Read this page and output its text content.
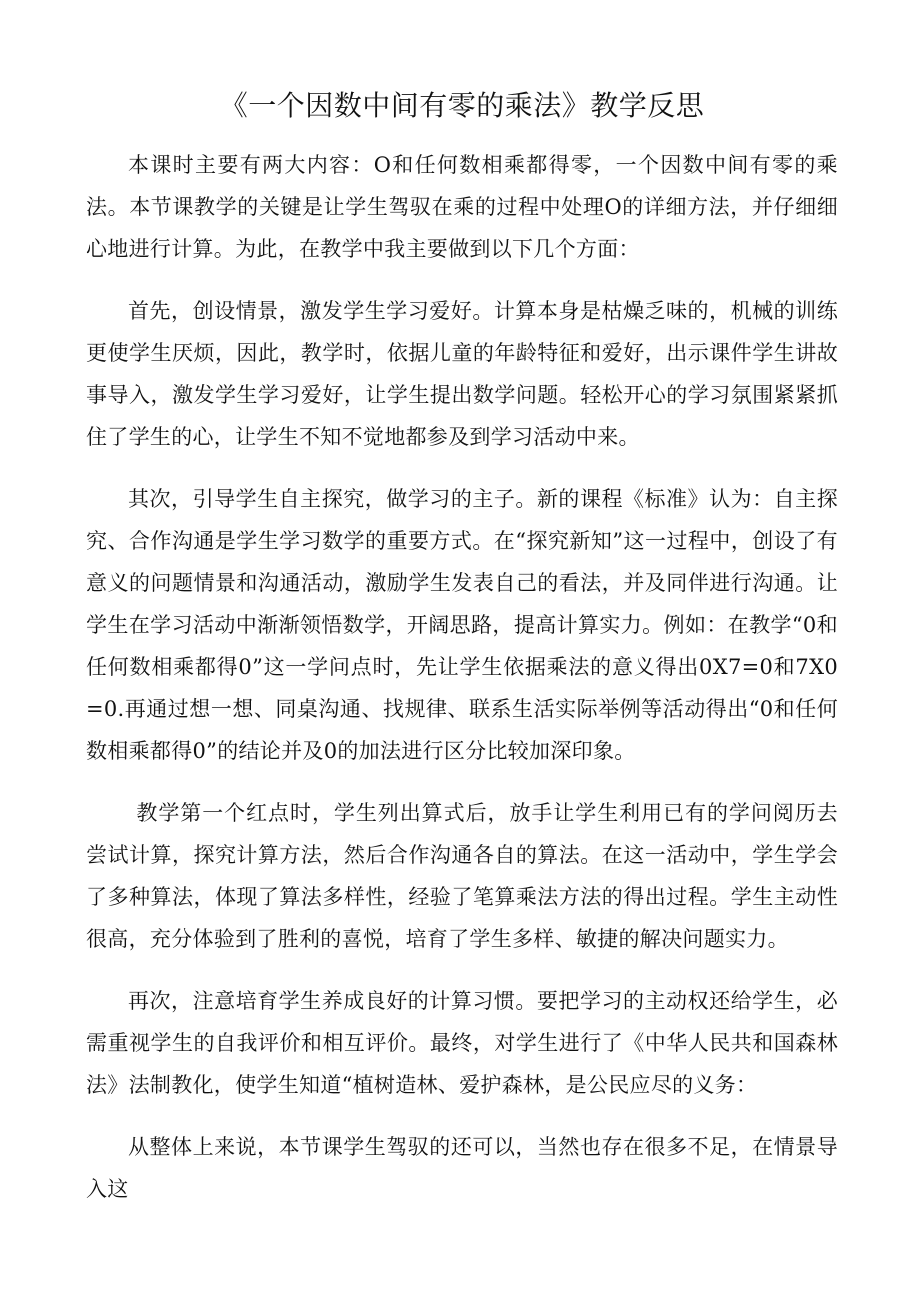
《一个因数中间有零的乘法》教学反思

本课时主要有两大内容：O和任何数相乘都得零，一个因数中间有零的乘法。本节课教学的关键是让学生驾驭在乘的过程中处理O的详细方法，并仔细细心地进行计算。为此，在教学中我主要做到以下几个方面：

首先，创设情景，激发学生学习爱好。计算本身是枯燥乏味的，机械的训练更使学生厌烦，因此，教学时，依据儿童的年龄特征和爱好，出示课件学生讲故事导入，激发学生学习爱好，让学生提出数学问题。轻松开心的学习氛围紧紧抓住了学生的心，让学生不知不觉地都参及到学习活动中来。

其次，引导学生自主探究，做学习的主子。新的课程《标准》认为：自主探究、合作沟通是学生学习数学的重要方式。在“探究新知”这一过程中，创设了有意义的问题情景和沟通活动，激励学生发表自己的看法，并及同伴进行沟通。让学生在学习活动中渐渐领悟数学，开阔思路，提高计算实力。例如：在教学“0和任何数相乘都得0”这一学问点时，先让学生依据乘法的意义得出0X7=0和7X0=0.再通过想一想、同桌沟通、找规律、联系生活实际举例等活动得出“0和任何数相乘都得0”的结论并及0的加法进行区分比较加深印象。

教学第一个红点时，学生列出算式后，放手让学生利用已有的学问阅历去尝试计算，探究计算方法，然后合作沟通各自的算法。在这一活动中，学生学会了多种算法，体现了算法多样性，经验了笔算乘法方法的得出过程。学生主动性很高，充分体验到了胜利的喜悦，培育了学生多样、敏捷的解决问题实力。

再次，注意培育学生养成良好的计算习惯。要把学习的主动权还给学生，必需重视学生的自我评价和相互评价。最终，对学生进行了《中华人民共和国森林法》法制教化，使学生知道“植树造林、爱护森林，是公民应尽的义务：

从整体上来说，本节课学生驾驭的还可以，当然也存在很多不足，在情景导入这
